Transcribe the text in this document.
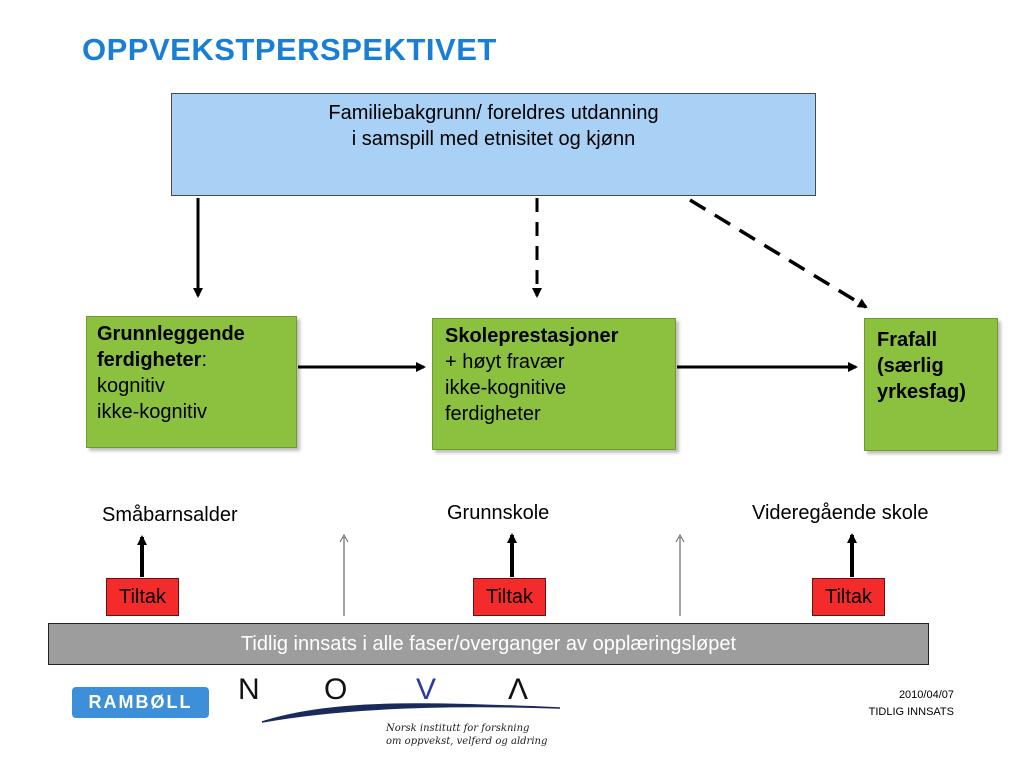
OPPVEKSTPERSPEKTIVET
Familiebakgrunn/ foreldres utdanning
i samspill med etnisitet og kjønn
Grunnleggende
ferdigheter:
kognitiv
ikke-kognitiv
Skoleprestasjoner
+ høyt fravær
ikke-kognitive
ferdigheter
Frafall
(særlig
yrkesfag)
Småbarnsalder	Grunnskole	Videregående skole
Tiltak	Tiltak	Tiltak
Tidlig innsats i alle faser/overganger av opplæringsløpet
RAMBØLL	N O V Λ
Norsk institutt for forskning
om oppvekst, velferd og aldring
2010/04/07
TIDLIG INNSATS
